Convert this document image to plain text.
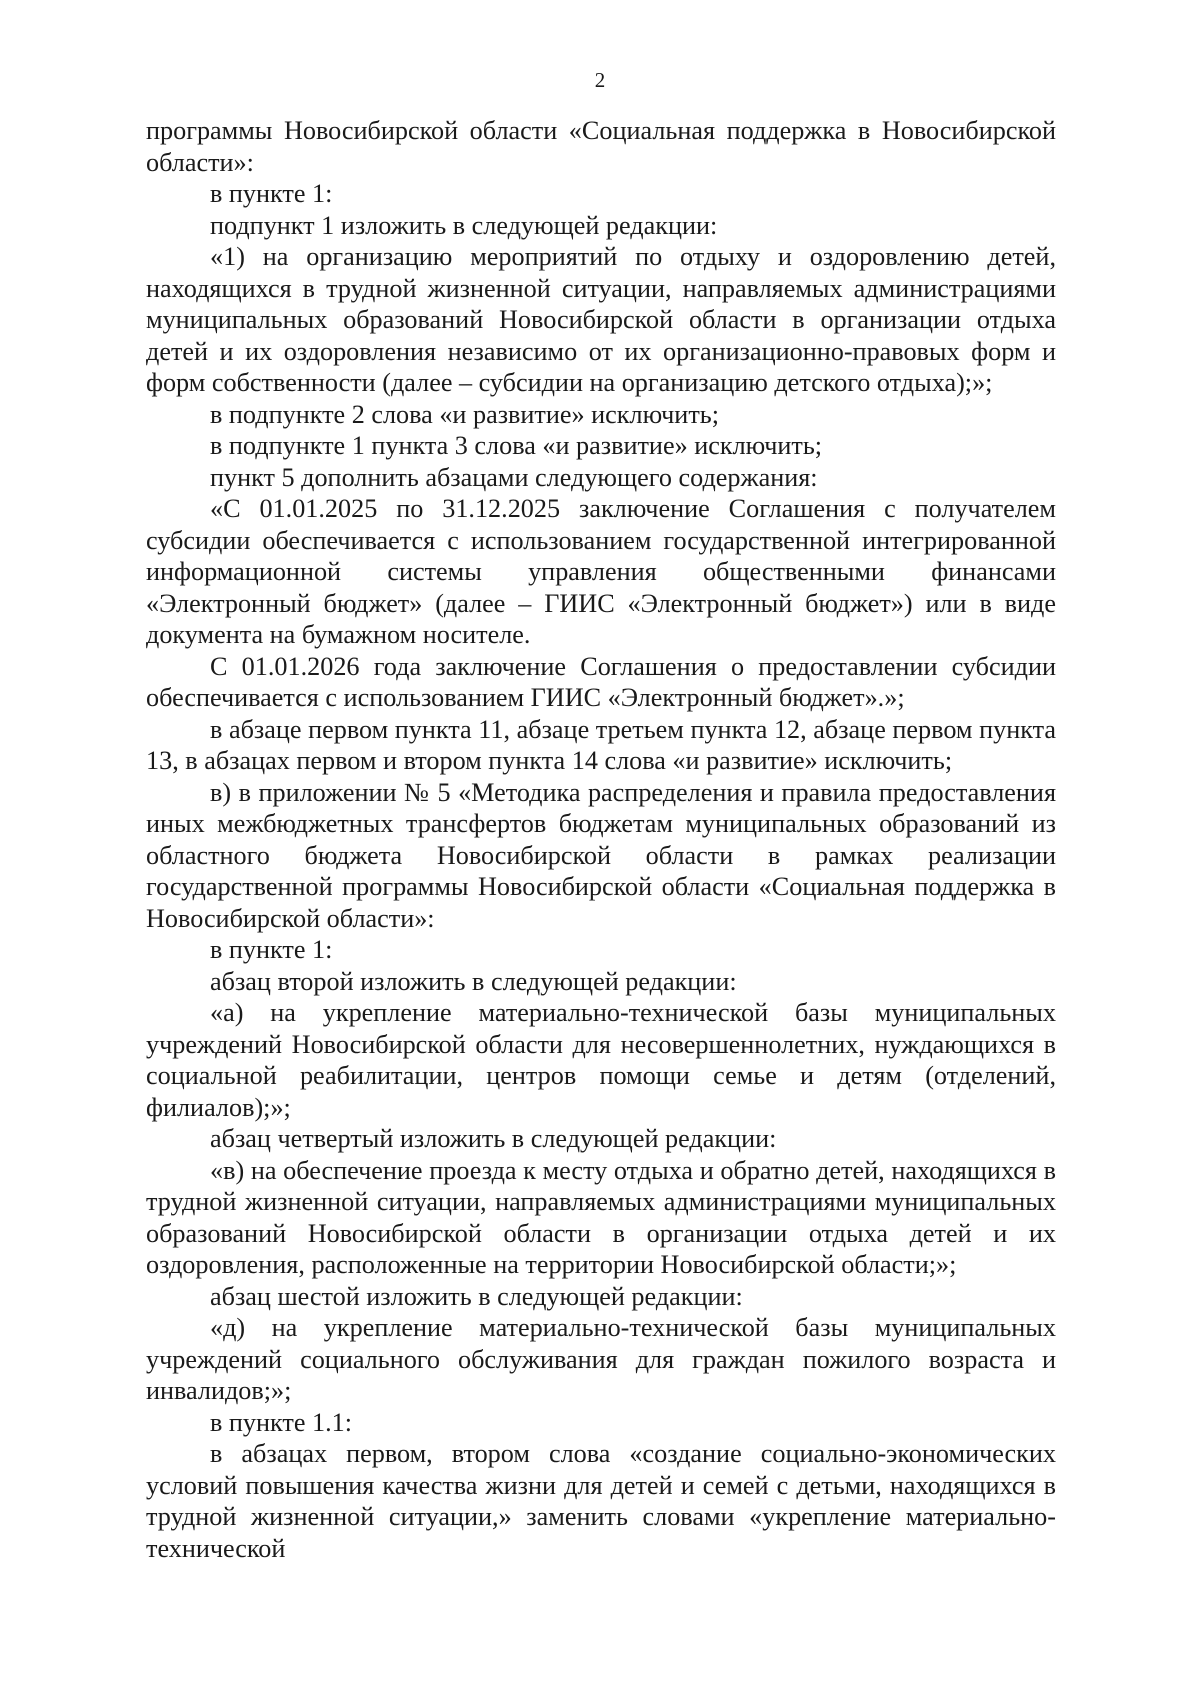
2

программы Новосибирской области «Социальная поддержка в Новосибирской области»:

в пункте 1:

подпункт 1 изложить в следующей редакции:

«1) на организацию мероприятий по отдыху и оздоровлению детей, находящихся в трудной жизненной ситуации, направляемых администрациями муниципальных образований Новосибирской области в организации отдыха детей и их оздоровления независимо от их организационно-правовых форм и форм собственности (далее – субсидии на организацию детского отдыха);»;

в подпункте 2 слова «и развитие» исключить;

в подпункте 1 пункта 3 слова «и развитие» исключить;

пункт 5 дополнить абзацами следующего содержания:

«С 01.01.2025 по 31.12.2025 заключение Соглашения с получателем субсидии обеспечивается с использованием государственной интегрированной информационной системы управления общественными финансами «Электронный бюджет» (далее – ГИИС «Электронный бюджет») или в виде документа на бумажном носителе.

С 01.01.2026 года заключение Соглашения о предоставлении субсидии обеспечивается с использованием ГИИС «Электронный бюджет».»;

в абзаце первом пункта 11, абзаце третьем пункта 12, абзаце первом пункта 13, в абзацах первом и втором пункта 14 слова «и развитие» исключить;

в) в приложении № 5 «Методика распределения и правила предоставления иных межбюджетных трансфертов бюджетам муниципальных образований из областного бюджета Новосибирской области в рамках реализации государственной программы Новосибирской области «Социальная поддержка в Новосибирской области»:

в пункте 1:

абзац второй изложить в следующей редакции:

«а) на укрепление материально-технической базы муниципальных учреждений Новосибирской области для несовершеннолетних, нуждающихся в социальной реабилитации, центров помощи семье и детям (отделений, филиалов);»;

абзац четвертый изложить в следующей редакции:

«в) на обеспечение проезда к месту отдыха и обратно детей, находящихся в трудной жизненной ситуации, направляемых администрациями муниципальных образований Новосибирской области в организации отдыха детей и их оздоровления, расположенные на территории Новосибирской области;»;

абзац шестой изложить в следующей редакции:

«д) на укрепление материально-технической базы муниципальных учреждений социального обслуживания для граждан пожилого возраста и инвалидов;»;

в пункте 1.1:

в абзацах первом, втором слова «создание социально-экономических условий повышения качества жизни для детей и семей с детьми, находящихся в трудной жизненной ситуации,» заменить словами «укрепление материально-технической
